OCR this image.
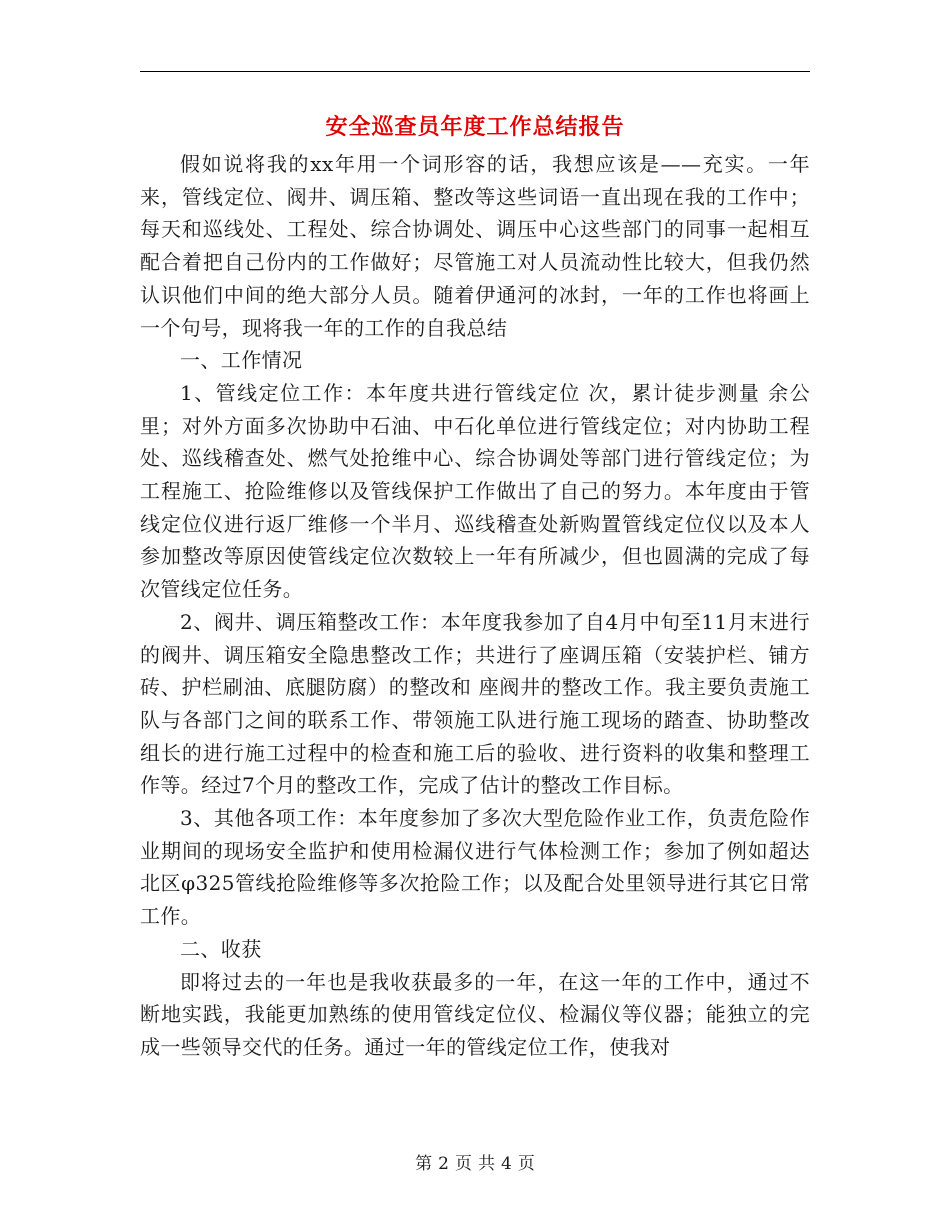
安全巡查员年度工作总结报告

假如说将我的xx年用一个词形容的话，我想应该是——充实。一年来，管线定位、阀井、调压箱、整改等这些词语一直出现在我的工作中；每天和巡线处、工程处、综合协调处、调压中心这些部门的同事一起相互配合着把自己份内的工作做好；尽管施工对人员流动性比较大，但我仍然认识他们中间的绝大部分人员。随着伊通河的冰封，一年的工作也将画上一个句号，现将我一年的工作的自我总结

一、工作情况

1、管线定位工作：本年度共进行管线定位 次，累计徒步测量 余公里；对外方面多次协助中石油、中石化单位进行管线定位；对内协助工程处、巡线稽查处、燃气处抢维中心、综合协调处等部门进行管线定位；为工程施工、抢险维修以及管线保护工作做出了自己的努力。本年度由于管线定位仪进行返厂维修一个半月、巡线稽查处新购置管线定位仪以及本人参加整改等原因使管线定位次数较上一年有所减少，但也圆满的完成了每次管线定位任务。

2、阀井、调压箱整改工作：本年度我参加了自4月中旬至11月末进行的阀井、调压箱安全隐患整改工作；共进行了座调压箱（安装护栏、铺方砖、护栏刷油、底腿防腐）的整改和 座阀井的整改工作。我主要负责施工队与各部门之间的联系工作、带领施工队进行施工现场的踏查、协助整改组长的进行施工过程中的检查和施工后的验收、进行资料的收集和整理工作等。经过7个月的整改工作，完成了估计的整改工作目标。

3、其他各项工作：本年度参加了多次大型危险作业工作，负责危险作业期间的现场安全监护和使用检漏仪进行气体检测工作；参加了例如超达北区φ325管线抢险维修等多次抢险工作；以及配合处里领导进行其它日常工作。

二、收获

即将过去的一年也是我收获最多的一年，在这一年的工作中，通过不断地实践，我能更加熟练的使用管线定位仪、检漏仪等仪器；能独立的完成一些领导交代的任务。通过一年的管线定位工作，使我对

第 2 页 共 4 页
